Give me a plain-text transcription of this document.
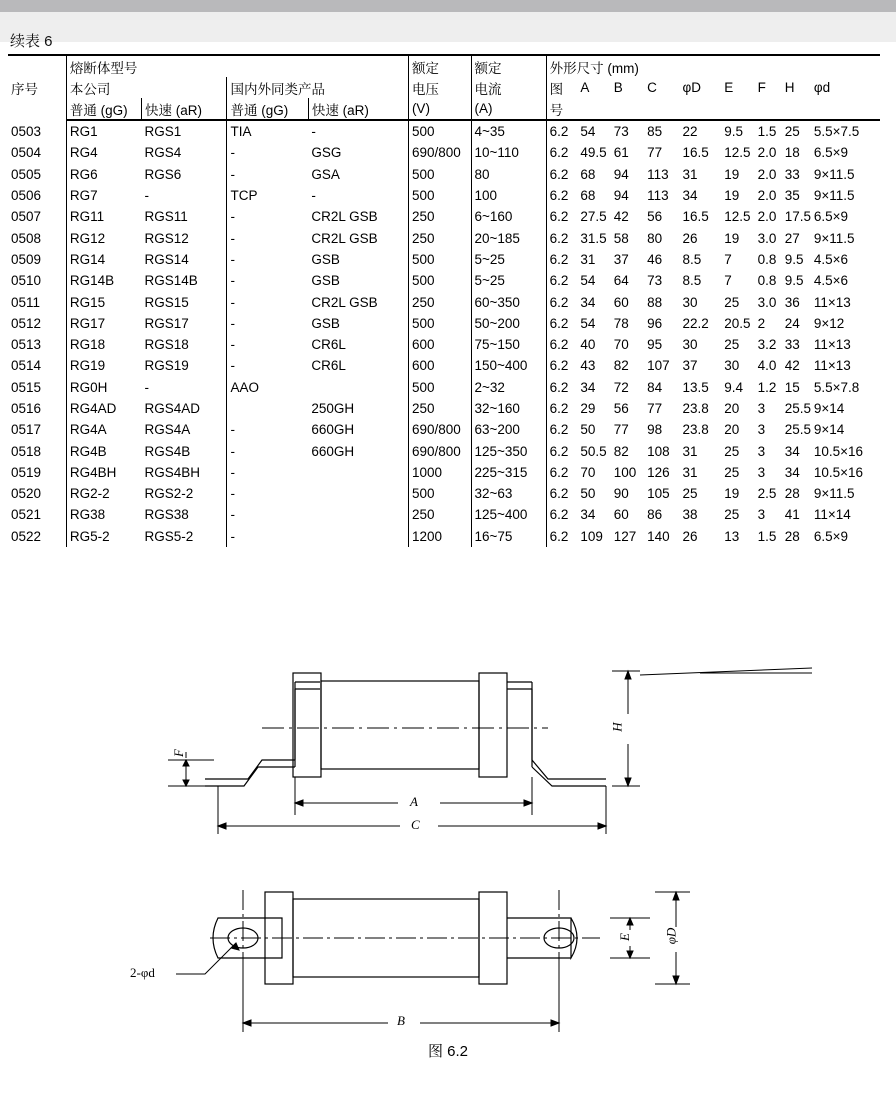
续表 6
序号	熔断体型号				额定	额定	外形尺寸 (mm)								
	本公司		国内外同类产品		电压	电流	图	A	B	C	φD	E	F	H	φd
	普通 (gG)	快速 (aR)	普通 (gG)	快速 (aR)	(V)	(A)	号								
0503	RG1	RGS1	TIA	-	500	4~35	6.2	54	73	85	22	9.5	1.5	25	5.5×7.5
0504	RG4	RGS4	-	GSG	690/800	10~110	6.2	49.5	61	77	16.5	12.5	2.0	18	6.5×9
0505	RG6	RGS6	-	GSA	500	80	6.2	68	94	113	31	19	2.0	33	9×11.5
0506	RG7	-	TCP	-	500	100	6.2	68	94	113	34	19	2.0	35	9×11.5
0507	RG11	RGS11	-	CR2L GSB	250	6~160	6.2	27.5	42	56	16.5	12.5	2.0	17.5	6.5×9
0508	RG12	RGS12	-	CR2L GSB	250	20~185	6.2	31.5	58	80	26	19	3.0	27	9×11.5
0509	RG14	RGS14	-	GSB	500	5~25	6.2	31	37	46	8.5	7	0.8	9.5	4.5×6
0510	RG14B	RGS14B	-	GSB	500	5~25	6.2	54	64	73	8.5	7	0.8	9.5	4.5×6
0511	RG15	RGS15	-	CR2L GSB	250	60~350	6.2	34	60	88	30	25	3.0	36	11×13
0512	RG17	RGS17	-	GSB	500	50~200	6.2	54	78	96	22.2	20.5	2	24	9×12
0513	RG18	RGS18	-	CR6L	600	75~150	6.2	40	70	95	30	25	3.2	33	11×13
0514	RG19	RGS19	-	CR6L	600	150~400	6.2	43	82	107	37	30	4.0	42	11×13
0515	RG0H	-	AAO		500	2~32	6.2	34	72	84	13.5	9.4	1.2	15	5.5×7.8
0516	RG4AD	RGS4AD		250GH	250	32~160	6.2	29	56	77	23.8	20	3	25.5	9×14
0517	RG4A	RGS4A	-	660GH	690/800	63~200	6.2	50	77	98	23.8	20	3	25.5	9×14
0518	RG4B	RGS4B	-	660GH	690/800	125~350	6.2	50.5	82	108	31	25	3	34	10.5×16
0519	RG4BH	RGS4BH	-		1000	225~315	6.2	70	100	126	31	25	3	34	10.5×16
0520	RG2-2	RGS2-2	-		500	32~63	6.2	50	90	105	25	19	2.5	28	9×11.5
0521	RG38	RGS38	-		250	125~400	6.2	34	60	86	38	25	3	41	11×14
0522	RG5-2	RGS5-2	-		1200	16~75	6.2	109	127	140	26	13	1.5	28	6.5×9
H
F
A
C
E φD
B
2-φd
图 6.2
